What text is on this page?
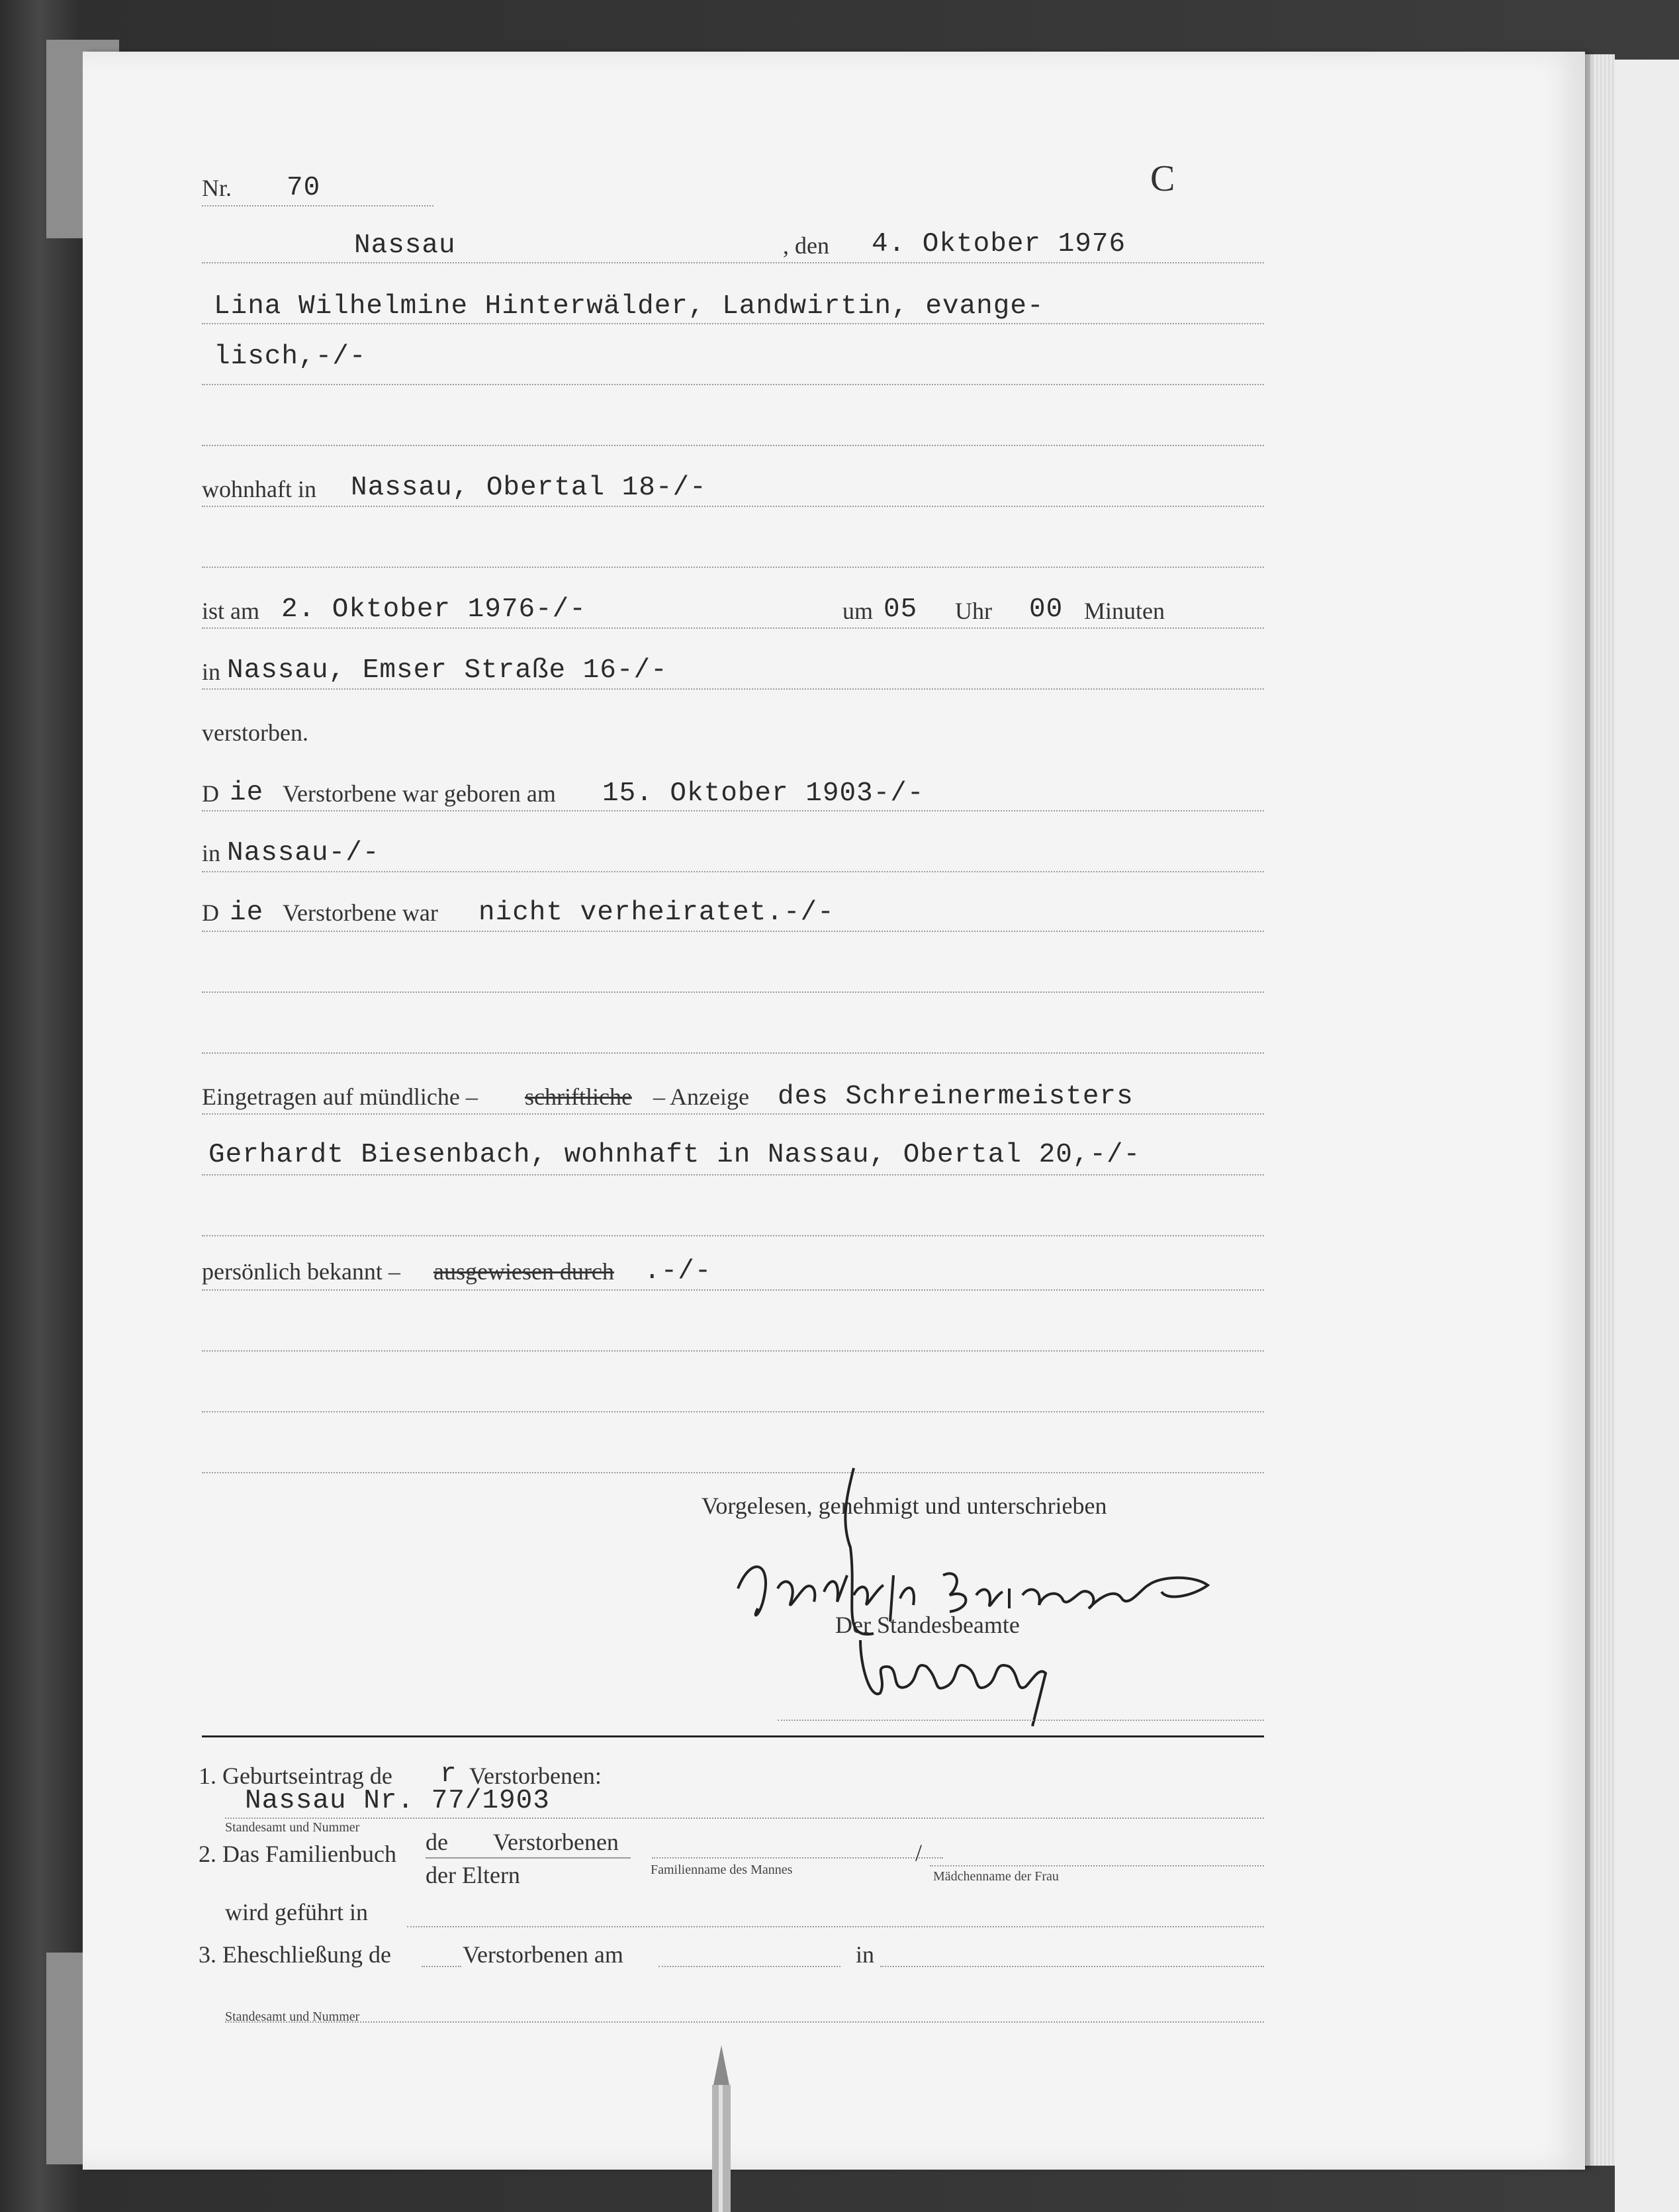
Nr. 70	C
Nassau	, den 4. Oktober 1976
Lina Wilhelmine Hinterwälder, Landwirtin, evange-
lisch,-/-
wohnhaft in Nassau, Obertal 18-/-
ist am 2. Oktober 1976-/-	um 05 Uhr 00 Minuten
in Nassau, Emser Straße 16-/-
verstorben.
D ie Verstorbene war geboren am 15. Oktober 1903-/-
in Nassau-/-
D ie Verstorbene war nicht verheiratet.-/-
Eingetragen auf mündliche – schriftliche – Anzeige des Schreinermeisters
Gerhardt Biesenbach, wohnhaft in Nassau, Obertal 20,-/-
persönlich bekannt – ausgewiesen durch .-/-
Vorgelesen, genehmigt und unterschrieben
Der Standesbeamte
1. Geburtseintrag de r Verstorbenen:
Nassau Nr. 77/1903
Standesamt und Nummer
2. Das Familienbuch de Verstorbenen
der Eltern	Familienname des Mannes
/
Mädchenname der Frau
wird geführt in
3. Eheschließung de	Verstorbenen am	in
Standesamt und Nummer
